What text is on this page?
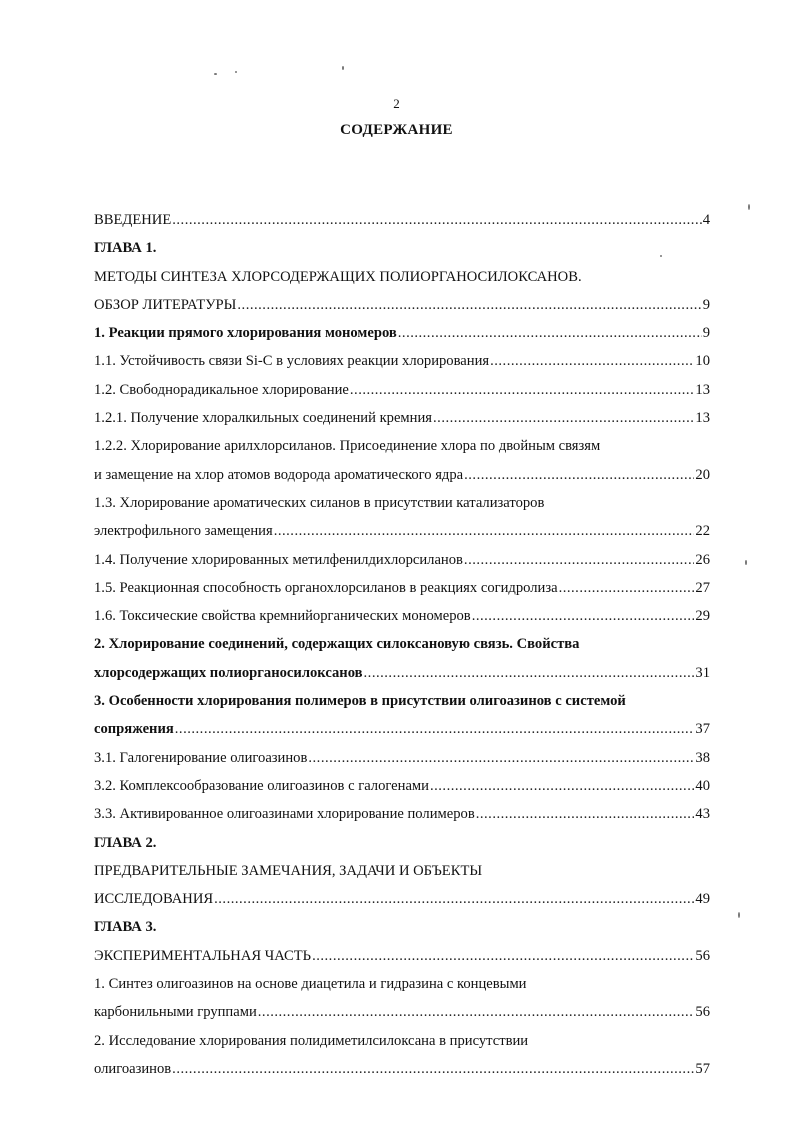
2
СОДЕРЖАНИЕ
ВВЕДЕНИЕ .....	4
ГЛАВА 1.
МЕТОДЫ СИНТЕЗА ХЛОРСОДЕРЖАЩИХ ПОЛИОРГАНОСИЛОКСАНОВ.
ОБЗОР ЛИТЕРАТУРЫ .....	9
1. Реакции прямого хлорирования мономеров .....	9
1.1. Устойчивость связи Si-C в условиях реакции хлорирования .....	10
1.2. Свободнорадикальное хлорирование .....	13
1.2.1. Получение хлоралкильных соединений кремния .....	13
1.2.2. Хлорирование арилхлорсиланов. Присоединение хлора по двойным связям
и замещение на хлор атомов водорода ароматического ядра .....	20
1.3. Хлорирование ароматических силанов в присутствии катализаторов
электрофильного замещения .....	22
1.4. Получение хлорированных метилфенилдихлорсиланов .....	26
1.5. Реакционная способность органохлорсиланов в реакциях согидролиза .....	27
1.6. Токсические свойства кремнийорганических мономеров .....	29
2. Хлорирование соединений, содержащих силоксановую связь. Свойства
хлорсодержащих полиорганосилоксанов .....	31
3. Особенности хлорирования полимеров в присутствии олигоазинов с системой
сопряжения .....	37
3.1. Галогенирование олигоазинов .....	38
3.2. Комплексообразование олигоазинов с галогенами .....	40
3.3. Активированное олигоазинами хлорирование полимеров .....	43
ГЛАВА 2.
ПРЕДВАРИТЕЛЬНЫЕ ЗАМЕЧАНИЯ, ЗАДАЧИ И ОБЪЕКТЫ
ИССЛЕДОВАНИЯ .....	49
ГЛАВА 3.
ЭКСПЕРИМЕНТАЛЬНАЯ ЧАСТЬ .....	56
1. Синтез олигоазинов на основе диацетила и гидразина с концевыми
карбонильными группами .....	56
2. Исследование хлорирования полидиметилсилоксана в присутствии
олигоазинов .....	57
